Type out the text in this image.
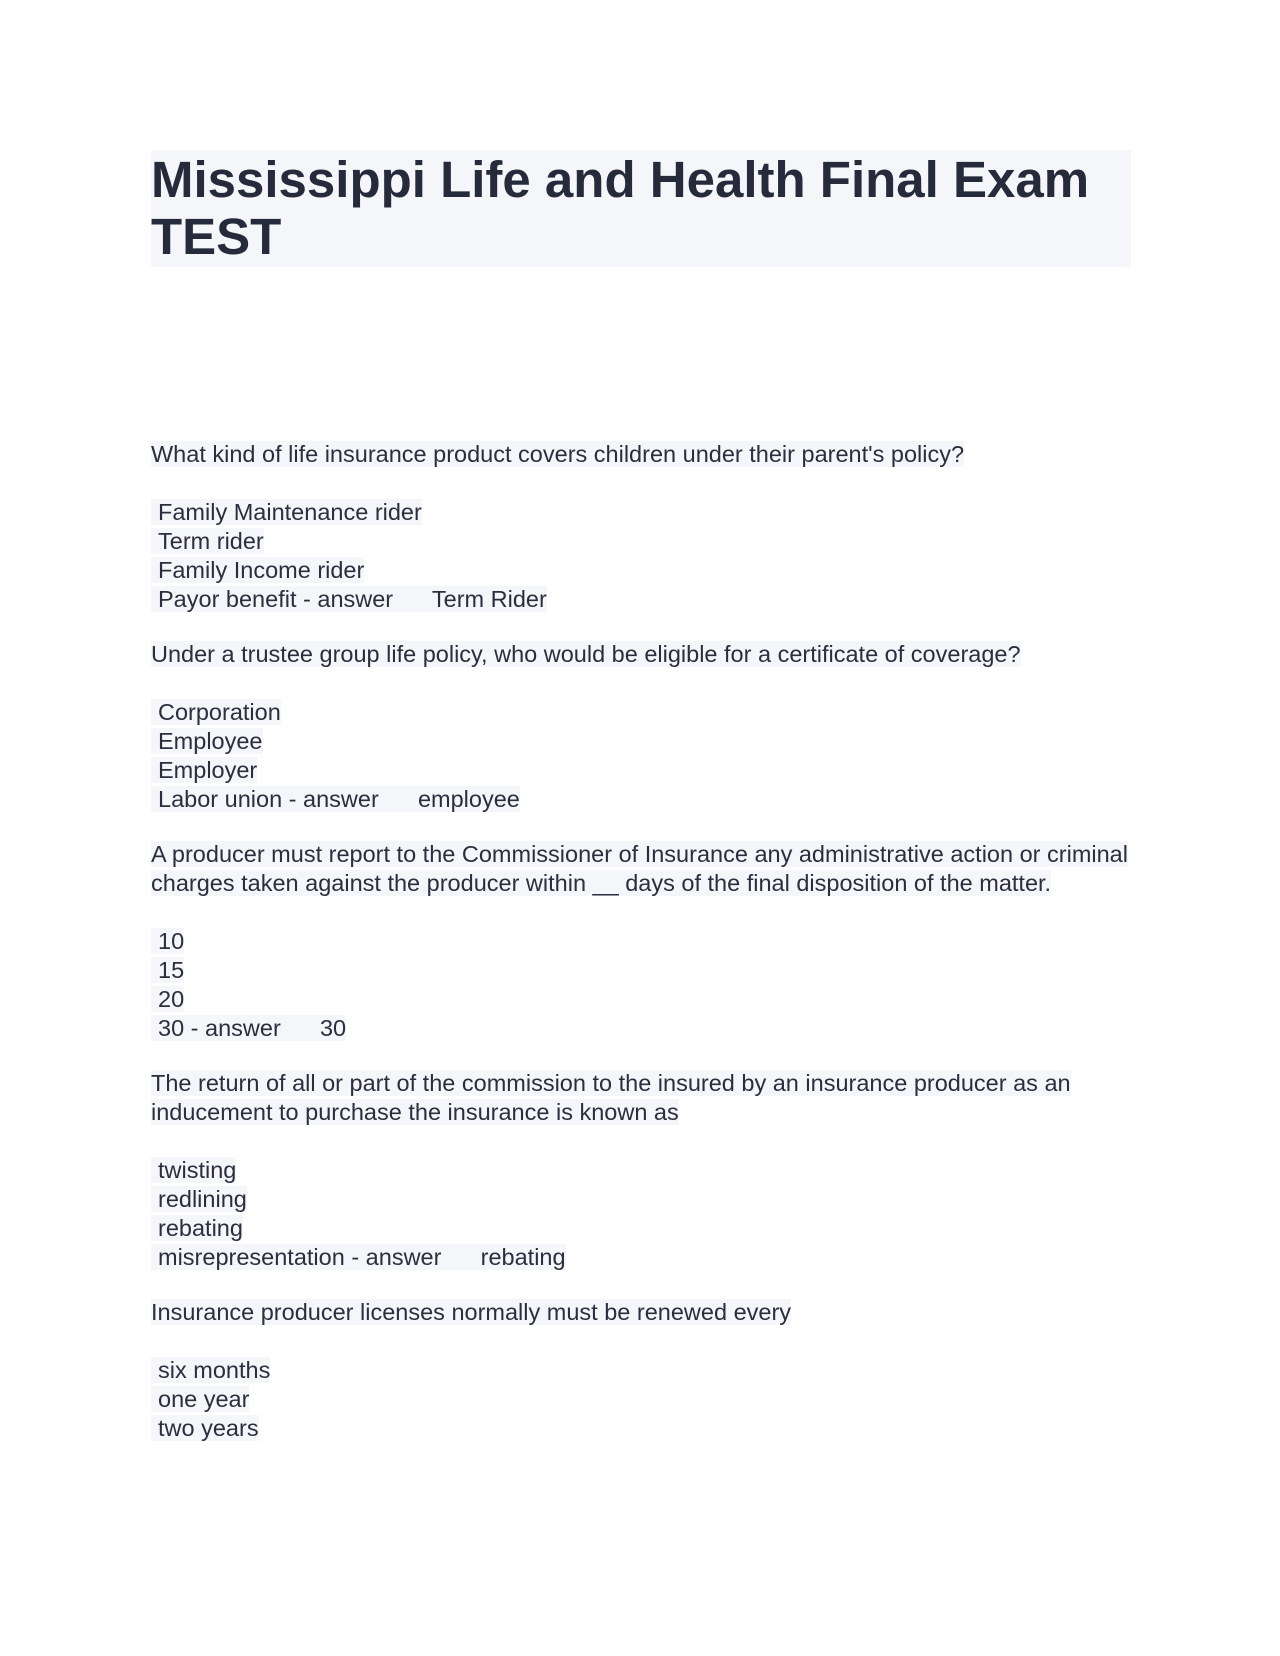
Mississippi Life and Health Final Exam TEST
What kind of life insurance product covers children under their parent's policy?
Family Maintenance rider
Term rider
Family Income rider
Payor benefit - answer      Term Rider
Under a trustee group life policy, who would be eligible for a certificate of coverage?
Corporation
Employee
Employer
Labor union - answer      employee
A producer must report to the Commissioner of Insurance any administrative action or criminal charges taken against the producer within __ days of the final disposition of the matter.
10
15
20
30 - answer      30
The return of all or part of the commission to the insured by an insurance producer as an inducement to purchase the insurance is known as
twisting
redlining
rebating
misrepresentation - answer      rebating
Insurance producer licenses normally must be renewed every
six months
one year
two years
